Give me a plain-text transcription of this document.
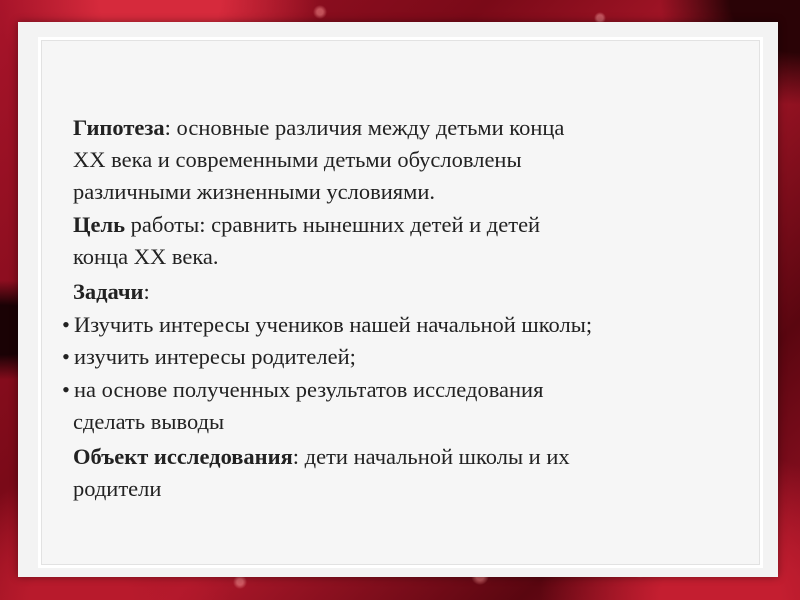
Гипотеза: основные различия между детьми конца
XX века и современными детьми обусловлены
различными жизненными условиями.
Цель работы: сравнить нынешних детей и детей
конца XX века.
Задачи:
• Изучить интересы учеников нашей начальной школы;
• изучить интересы родителей;
• на основе полученных результатов исследования
сделать выводы
Объект исследования: дети начальной школы и их
родители
